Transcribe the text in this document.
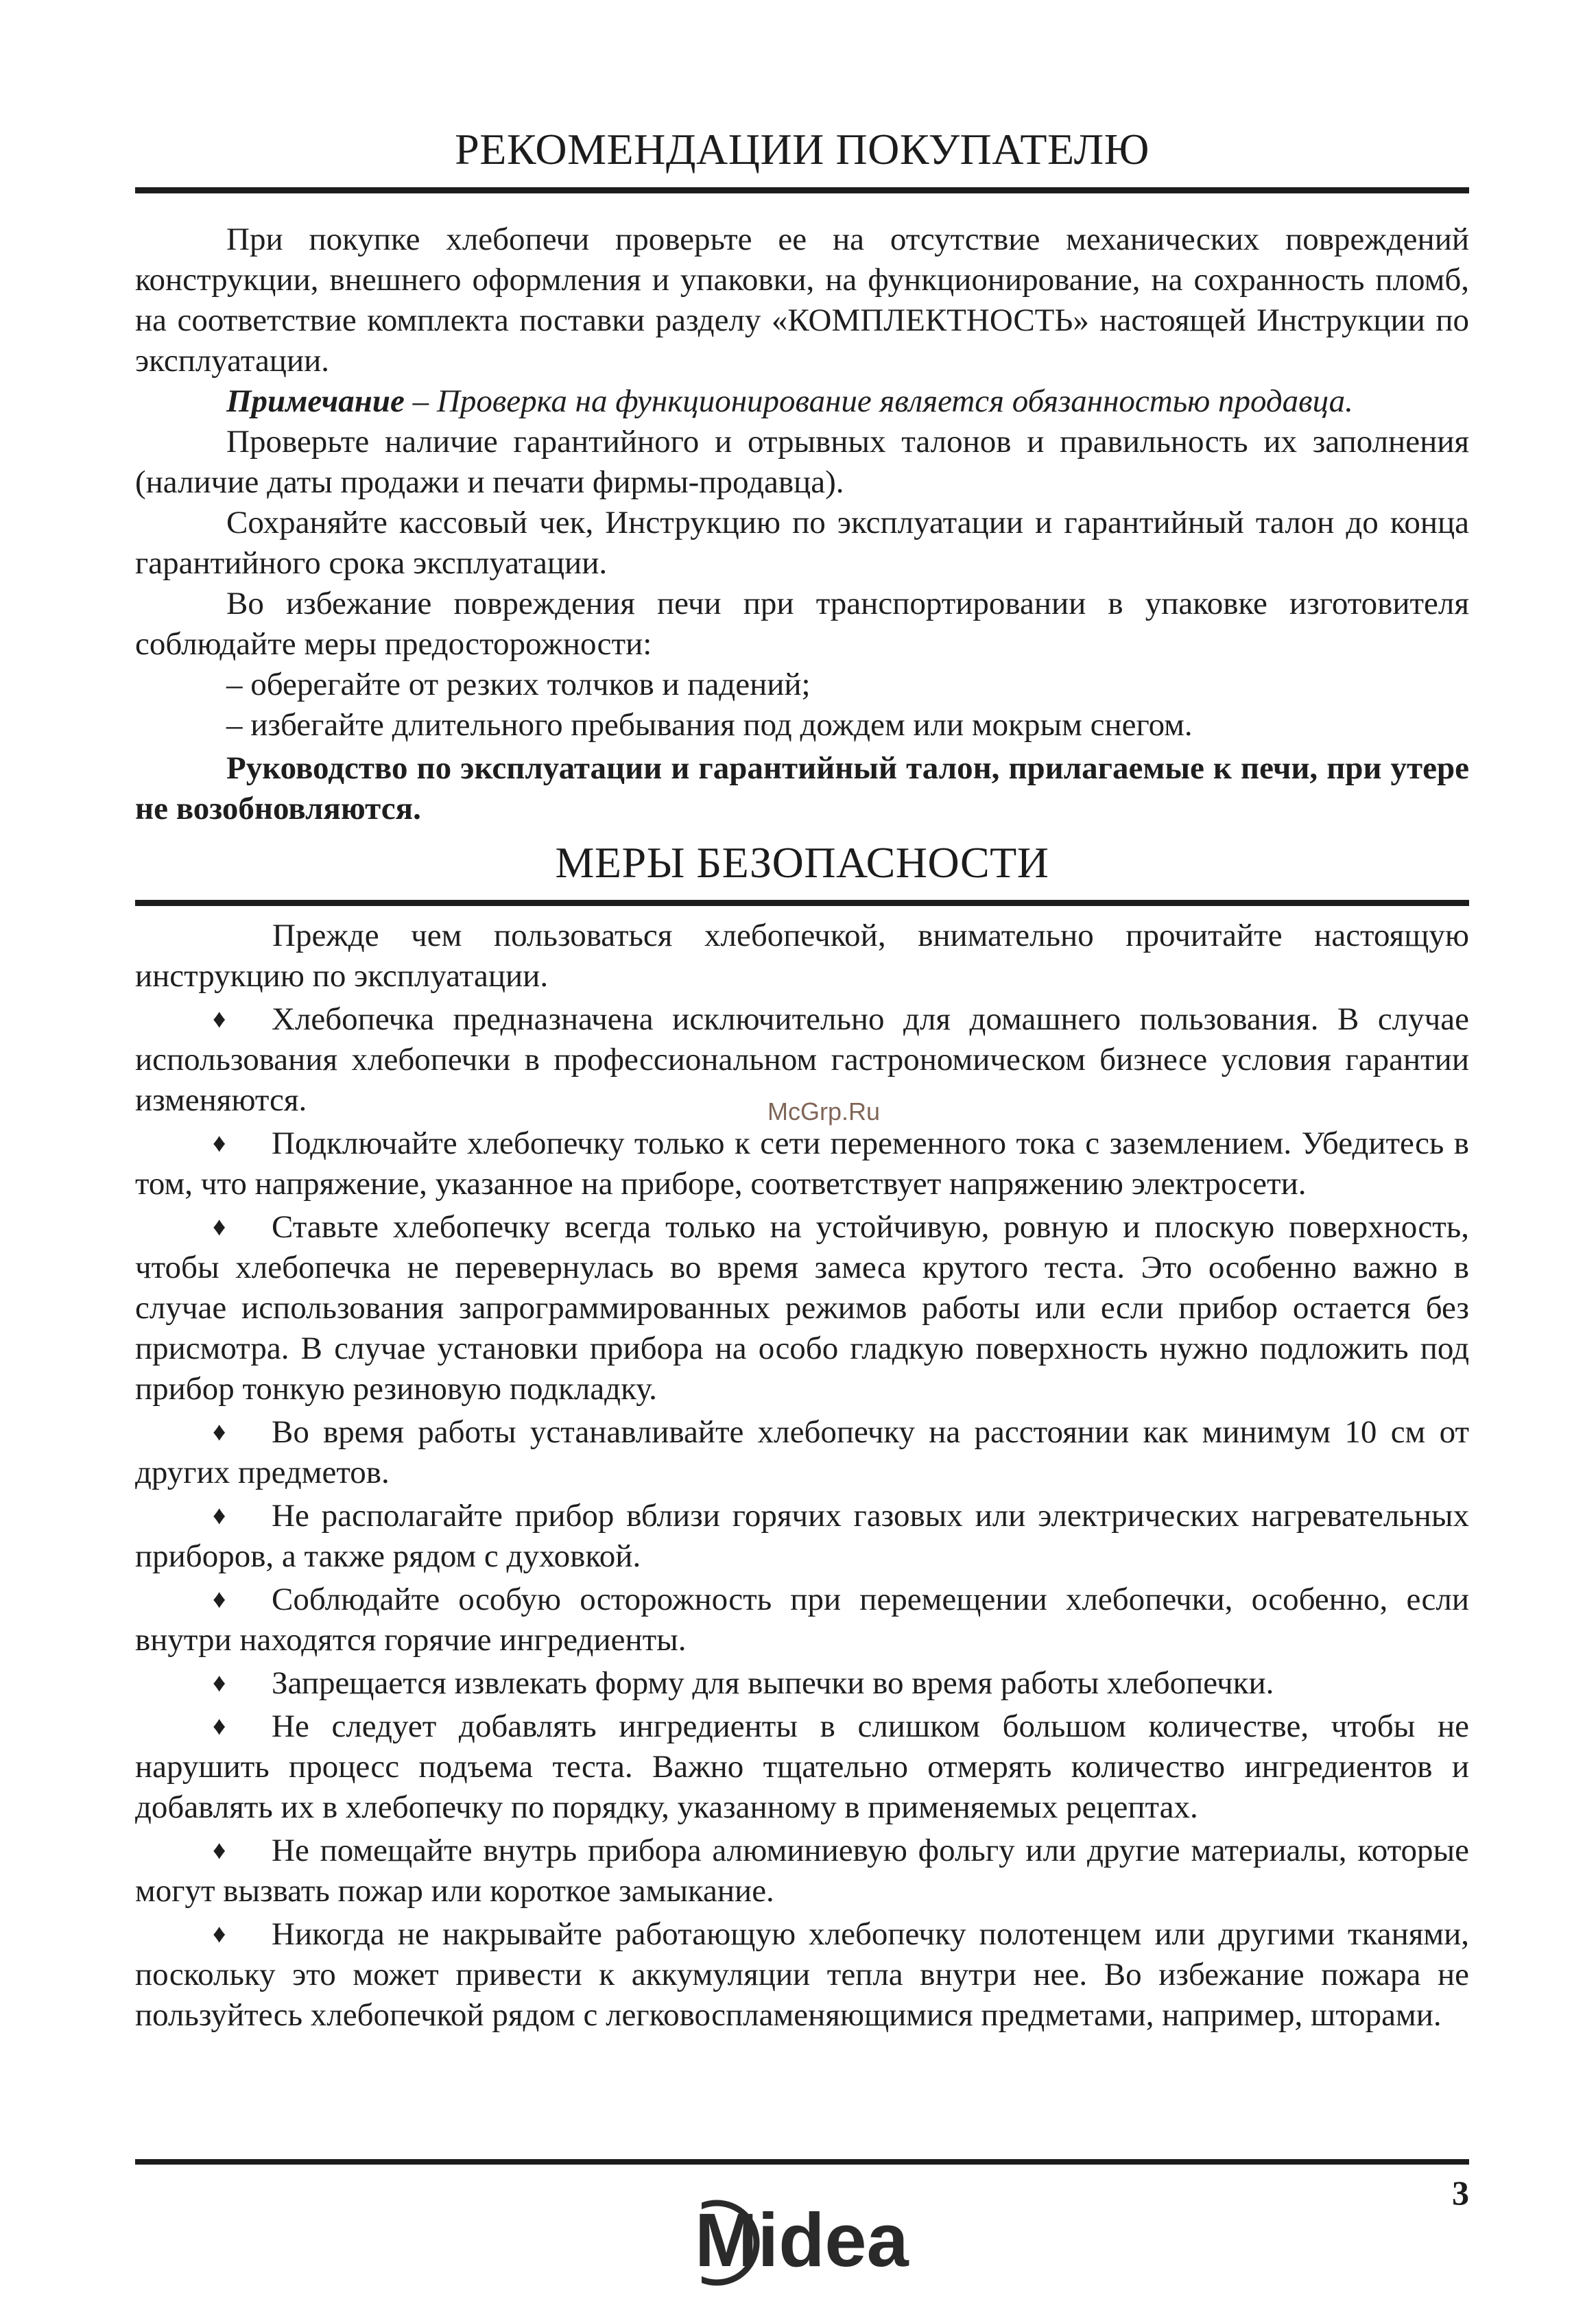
РЕКОМЕНДАЦИИ ПОКУПАТЕЛЮ

При покупке хлебопечи проверьте ее на отсутствие механических повреждений конструкции, внешнего оформления и упаковки, на функционирование, на сохранность пломб, на соответствие комплекта поставки разделу «КОМПЛЕКТНОСТЬ» настоящей Инструкции по эксплуатации.

Примечание – Проверка на функционирование является обязанностью продавца.

Проверьте наличие гарантийного и отрывных талонов и правильность их заполнения (наличие даты продажи и печати фирмы-продавца).

Сохраняйте кассовый чек, Инструкцию по эксплуатации и гарантийный талон до конца гарантийного срока эксплуатации.

Во избежание повреждения печи при транспортировании в упаковке изготовителя соблюдайте меры предосторожности:

– оберегайте от резких толчков и падений;

– избегайте длительного пребывания под дождем или мокрым снегом.

Руководство по эксплуатации и гарантийный талон, прилагаемые к печи, при утере не возобновляются.

МЕРЫ БЕЗОПАСНОСТИ

Прежде чем пользоваться хлебопечкой, внимательно прочитайте настоящую инструкцию по эксплуатации.

♦ Хлебопечка предназначена исключительно для домашнего пользования. В случае использования хлебопечки в профессиональном гастрономическом бизнесе условия гарантии изменяются.

♦ Подключайте хлебопечку только к сети переменного тока с заземлением. Убедитесь в том, что напряжение, указанное на приборе, соответствует напряжению электросети.

♦ Ставьте хлебопечку всегда только на устойчивую, ровную и плоскую поверхность, чтобы хлебопечка не перевернулась во время замеса крутого теста. Это особенно важно в случае использования запрограммированных режимов работы или если прибор остается без присмотра. В случае установки прибора на особо гладкую поверхность нужно подложить под прибор тонкую резиновую подкладку.

♦ Во время работы устанавливайте хлебопечку на расстоянии как минимум 10 см от других предметов.

♦ Не располагайте прибор вблизи горячих газовых или электрических нагревательных приборов, а также рядом с духовкой.

♦ Соблюдайте особую осторожность при перемещении хлебопечки, особенно, если внутри находятся горячие ингредиенты.

♦ Запрещается извлекать форму для выпечки во время работы хлебопечки.

♦ Не следует добавлять ингредиенты в слишком большом количестве, чтобы не нарушить процесс подъема теста. Важно тщательно отмерять количество ингредиентов и добавлять их в хлебопечку по порядку, указанному в применяемых рецептах.

♦ Не помещайте внутрь прибора алюминиевую фольгу или другие материалы, которые могут вызвать пожар или короткое замыкание.

♦ Никогда не накрывайте работающую хлебопечку полотенцем или другими тканями, поскольку это может привести к аккумуляции тепла внутри нее. Во избежание пожара не пользуйтесь хлебопечкой рядом с легковоспламеняющимися предметами, например, шторами.

McGrp.Ru
3
Midea
